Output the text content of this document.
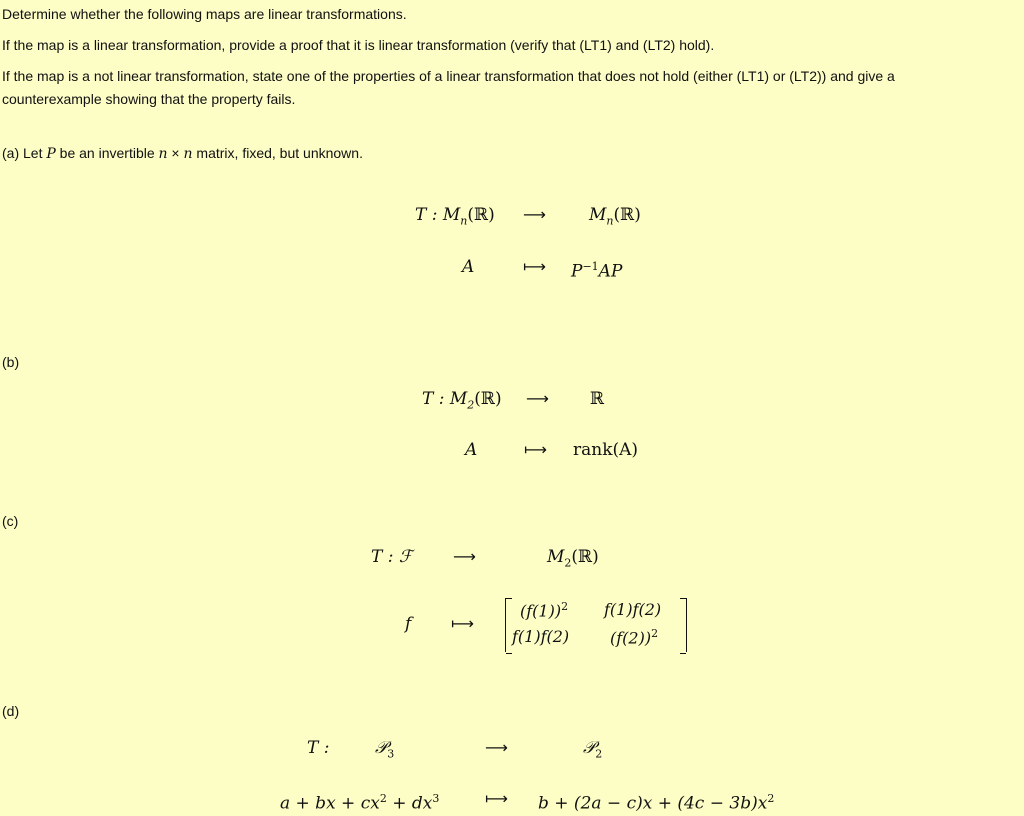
Determine whether the following maps are linear transformations.
If the map is a linear transformation, provide a proof that it is linear transformation (verify that (LT1) and (LT2) hold).
If the map is a not linear transformation, state one of the properties of a linear transformation that does not hold (either (LT1) or (LT2)) and give a
counterexample showing that the property fails.
(a) Let P be an invertible n × n matrix, fixed, but unknown.
T : $M_n(ℝ)$ ⟶	$M_n(ℝ)$
A	⟼ $P^{-1}AP$
(b)
T : $M_2(ℝ)$ ⟶ ℝ
A	⟼ rank(A)
(c)
T : ℱ	⟶	$M_2(ℝ)$
f ⟼
$(f(1))^2$ f(1)f(2)
f(1)f(2)	$(f(2))^2$
(d)
T :	𝒫$_3$	⟶	𝒫$_2$
a + bx + $cx^2 + dx^3$	⟼ $b + (2a - c)x + (4c - 3b)x^2$
